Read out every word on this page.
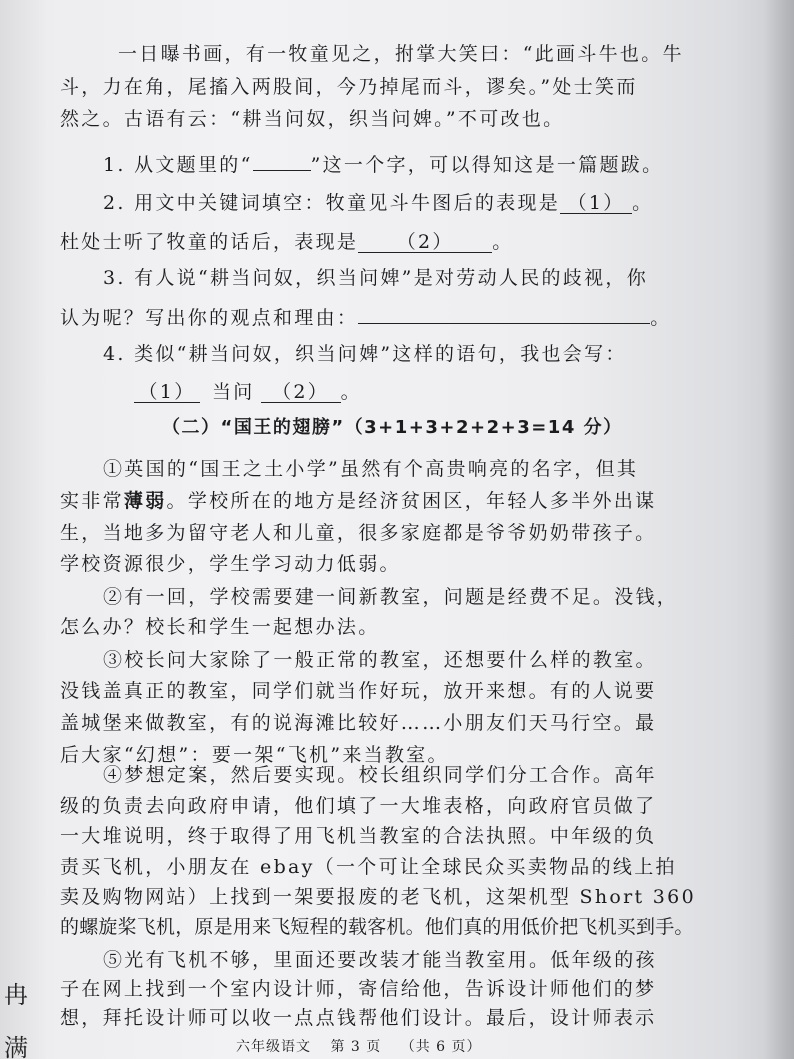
冉
满
一日曝书画，有一牧童见之，拊掌大笑曰：“此画斗牛也。牛
斗，力在角，尾搐入两股间，今乃掉尾而斗，谬矣。”处士笑而
然之。古语有云：“耕当问奴，织当问婢。”不可改也。
1. 从文题里的“	”这一个字，可以得知这是一篇题跋。
2. 用文中关键词填空：牧童见斗牛图后的表现是 （1） 。
杜处士听了牧童的话后，表现是 （2） 。
3. 有人说“耕当问奴，织当问婢”是对劳动人民的歧视，你
认为呢？写出你的观点和理由：	。
4. 类似“耕当问奴，织当问婢”这样的语句，我也会写：
（1） 当问 （2） 。
（二）“国王的翅膀”（3+1+3+2+2+3=14 分）
①英国的“国王之土小学”虽然有个高贵响亮的名字，但其
实非常薄弱。学校所在的地方是经济贫困区，年轻人多半外出谋
生，当地多为留守老人和儿童，很多家庭都是爷爷奶奶带孩子。
学校资源很少，学生学习动力低弱。
②有一回，学校需要建一间新教室，问题是经费不足。没钱，
怎么办？校长和学生一起想办法。
③校长问大家除了一般正常的教室，还想要什么样的教室。
没钱盖真正的教室，同学们就当作好玩，放开来想。有的人说要
盖城堡来做教室，有的说海滩比较好……小朋友们天马行空。最
后大家“幻想”：要一架“飞机”来当教室。
④梦想定案，然后要实现。校长组织同学们分工合作。高年
级的负责去向政府申请，他们填了一大堆表格，向政府官员做了
一大堆说明，终于取得了用飞机当教室的合法执照。中年级的负
责买飞机，小朋友在 ebay（一个可让全球民众买卖物品的线上拍
卖及购物网站）上找到一架要报废的老飞机，这架机型 Short 360
的螺旋桨飞机，原是用来飞短程的载客机。他们真的用低价把飞机买到手。
⑤光有飞机不够，里面还要改装才能当教室用。低年级的孩
子在网上找到一个室内设计师，寄信给他，告诉设计师他们的梦
想，拜托设计师可以收一点点钱帮他们设计。最后，设计师表示
六年级语文 第 3 页 （共 6 页）
